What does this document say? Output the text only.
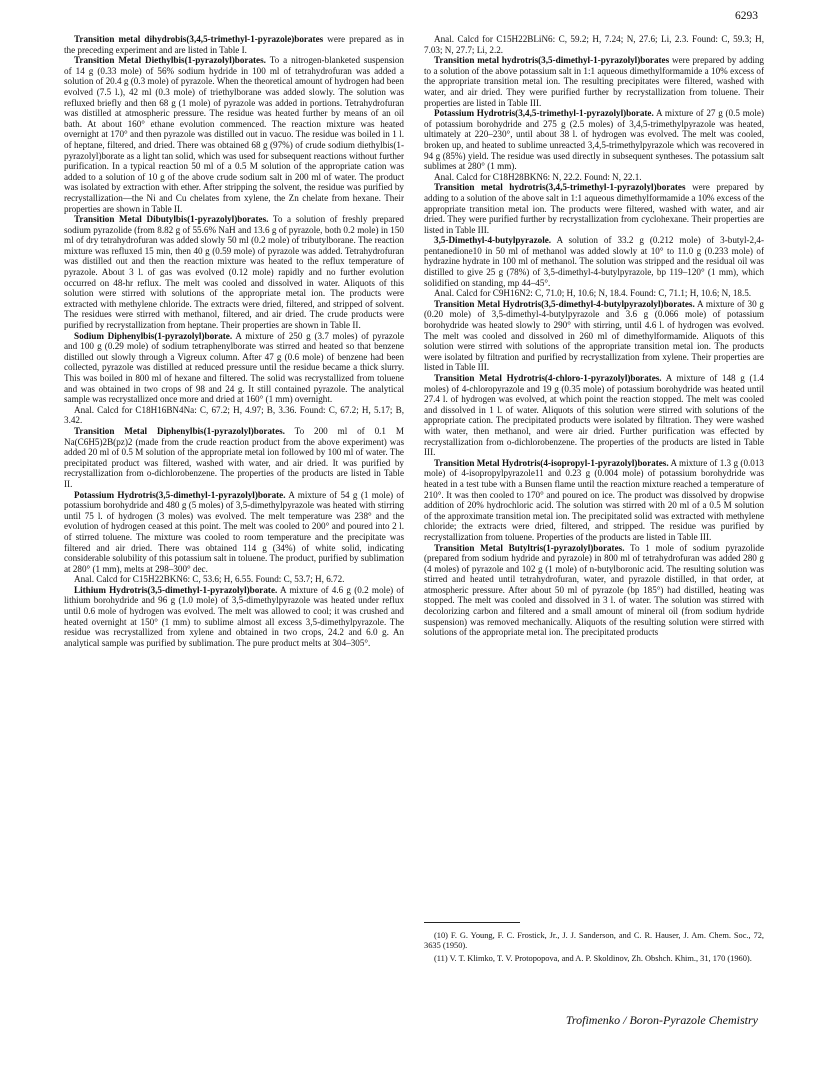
6293

Transition metal dihydrobis(3,4,5-trimethyl-1-pyrazole)borates were prepared as in the preceding experiment and are listed in Table I.

Transition Metal Diethylbis(1-pyrazolyl)borates. To a nitrogen-blanketed suspension of 14 g (0.33 mole) of 56% sodium hydride in 100 ml of tetrahydrofuran was added a solution of 20.4 g (0.3 mole) of pyrazole. When the theoretical amount of hydrogen had been evolved (7.5 l.), 42 ml (0.3 mole) of triethylborane was added slowly. The solution was refluxed briefly and then 68 g (1 mole) of pyrazole was added in portions. Tetrahydrofuran was distilled at atmospheric pressure. The residue was heated further by means of an oil bath. At about 160° ethane evolution commenced. The reaction mixture was heated overnight at 170° and then pyrazole was distilled out in vacuo. The residue was boiled in 1 l. of heptane, filtered, and dried. There was obtained 68 g (97%) of crude sodium diethylbis(1-pyrazolyl)borate as a light tan solid, which was used for subsequent reactions without further purification. In a typical reaction 50 ml of a 0.5 M solution of the appropriate cation was added to a solution of 10 g of the above crude sodium salt in 200 ml of water. The product was isolated by extraction with ether. After stripping the solvent, the residue was purified by recrystallization—the Ni and Cu chelates from xylene, the Zn chelate from hexane. Their properties are shown in Table II.

Transition Metal Dibutylbis(1-pyrazolyl)borates. To a solution of freshly prepared sodium pyrazolide (from 8.82 g of 55.6% NaH and 13.6 g of pyrazole, both 0.2 mole) in 150 ml of dry tetrahydrofuran was added slowly 50 ml (0.2 mole) of tributylborane. The reaction mixture was refluxed 15 min, then 40 g (0.59 mole) of pyrazole was added. Tetrahydrofuran was distilled out and then the reaction mixture was heated to the reflux temperature of pyrazole. About 3 l. of gas was evolved (0.12 mole) rapidly and no further evolution occurred on 48-hr reflux. The melt was cooled and dissolved in water. Aliquots of this solution were stirred with solutions of the appropriate metal ion. The products were extracted with methylene chloride. The extracts were dried, filtered, and stripped of solvent. The residues were stirred with methanol, filtered, and air dried. The crude products were purified by recrystallization from heptane. Their properties are shown in Table II.

Sodium Diphenylbis(1-pyrazolyl)borate. A mixture of 250 g (3.7 moles) of pyrazole and 100 g (0.29 mole) of sodium tetraphenylborate was stirred and heated so that benzene distilled out slowly through a Vigreux column. After 47 g (0.6 mole) of benzene had been collected, pyrazole was distilled at reduced pressure until the residue became a thick slurry. This was boiled in 800 ml of hexane and filtered. The solid was recrystallized from toluene and was obtained in two crops of 98 and 24 g. It still contained pyrazole. The analytical sample was recrystallized once more and dried at 160° (1 mm) overnight.

Anal. Calcd for C18H16BN4Na: C, 67.2; H, 4.97; B, 3.36. Found: C, 67.2; H, 5.17; B, 3.42.

Transition Metal Diphenylbis(1-pyrazolyl)borates. To 200 ml of 0.1 M Na(C6H5)2B(pz)2 (made from the crude reaction product from the above experiment) was added 20 ml of 0.5 M solution of the appropriate metal ion followed by 100 ml of water. The precipitated product was filtered, washed with water, and air dried. It was purified by recrystallization from o-dichlorobenzene. The properties of the products are listed in Table II.

Potassium Hydrotris(3,5-dimethyl-1-pyrazolyl)borate. A mixture of 54 g (1 mole) of potassium borohydride and 480 g (5 moles) of 3,5-dimethylpyrazole was heated with stirring until 75 l. of hydrogen (3 moles) was evolved. The melt temperature was 238° and the evolution of hydrogen ceased at this point. The melt was cooled to 200° and poured into 2 l. of stirred toluene. The mixture was cooled to room temperature and the precipitate was filtered and air dried. There was obtained 114 g (34%) of white solid, indicating considerable solubility of this potassium salt in toluene. The product, purified by sublimation at 280° (1 mm), melts at 298–300° dec.

Anal. Calcd for C15H22BKN6: C, 53.6; H, 6.55. Found: C, 53.7; H, 6.72.

Lithium Hydrotris(3,5-dimethyl-1-pyrazolyl)borate. A mixture of 4.6 g (0.2 mole) of lithium borohydride and 96 g (1.0 mole) of 3,5-dimethylpyrazole was heated under reflux until 0.6 mole of hydrogen was evolved. The melt was allowed to cool; it was crushed and heated overnight at 150° (1 mm) to sublime almost all excess 3,5-dimethylpyrazole. The residue was recrystallized from xylene and obtained in two crops, 24.2 and 6.0 g. An analytical sample was purified by sublimation. The pure product melts at 304–305°.

Anal. Calcd for C15H22BLiN6: C, 59.2; H, 7.24; N, 27.6; Li, 2.3. Found: C, 59.3; H, 7.03; N, 27.7; Li, 2.2.

Transition metal hydrotris(3,5-dimethyl-1-pyrazolyl)borates were prepared by adding to a solution of the above potassium salt in 1:1 aqueous dimethylformamide a 10% excess of the appropriate transition metal ion. The resulting precipitates were filtered, washed with water, and air dried. They were purified further by recrystallization from toluene. Their properties are listed in Table III.

Potassium Hydrotris(3,4,5-trimethyl-1-pyrazolyl)borate. A mixture of 27 g (0.5 mole) of potassium borohydride and 275 g (2.5 moles) of 3,4,5-trimethylpyrazole was heated, ultimately at 220–230°, until about 38 l. of hydrogen was evolved. The melt was cooled, broken up, and heated to sublime unreacted 3,4,5-trimethylpyrazole which was recovered in 94 g (85%) yield. The residue was used directly in subsequent syntheses. The potassium salt sublimes at 280° (1 mm).

Anal. Calcd for C18H28BKN6: N, 22.2. Found: N, 22.1.

Transition metal hydrotris(3,4,5-trimethyl-1-pyrazolyl)borates were prepared by adding to a solution of the above salt in 1:1 aqueous dimethylformamide a 10% excess of the appropriate transition metal ion. The products were filtered, washed with water, and air dried. They were purified further by recrystallization from cyclohexane. Their properties are listed in Table III.

3,5-Dimethyl-4-butylpyrazole. A solution of 33.2 g (0.212 mole) of 3-butyl-2,4-pentanedione10 in 50 ml of methanol was added slowly at 10° to 11.0 g (0.233 mole) of hydrazine hydrate in 100 ml of methanol. The solution was stripped and the residual oil was distilled to give 25 g (78%) of 3,5-dimethyl-4-butylpyrazole, bp 119–120° (1 mm), which solidified on standing, mp 44–45°.

Anal. Calcd for C9H16N2: C, 71.0; H, 10.6; N, 18.4. Found: C, 71.1; H, 10.6; N, 18.5.

Transition Metal Hydrotris(3,5-dimethyl-4-butylpyrazolyl)borates. A mixture of 30 g (0.20 mole) of 3,5-dimethyl-4-butylpyrazole and 3.6 g (0.066 mole) of potassium borohydride was heated slowly to 290° with stirring, until 4.6 l. of hydrogen was evolved. The melt was cooled and dissolved in 260 ml of dimethylformamide. Aliquots of this solution were stirred with solutions of the appropriate transition metal ion. The products were isolated by filtration and purified by recrystallization from xylene. Their properties are listed in Table III.

Transition Metal Hydrotris(4-chloro-1-pyrazolyl)borates. A mixture of 148 g (1.4 moles) of 4-chloropyrazole and 19 g (0.35 mole) of potassium borohydride was heated until 27.4 l. of hydrogen was evolved, at which point the reaction stopped. The melt was cooled and dissolved in 1 l. of water. Aliquots of this solution were stirred with solutions of the appropriate cation. The precipitated products were isolated by filtration. They were washed with water, then methanol, and were air dried. Further purification was effected by recrystallization from o-dichlorobenzene. The properties of the products are listed in Table III.

Transition Metal Hydrotris(4-isopropyl-1-pyrazolyl)borates. A mixture of 1.3 g (0.013 mole) of 4-isopropylpyrazole11 and 0.23 g (0.004 mole) of potassium borohydride was heated in a test tube with a Bunsen flame until the reaction mixture reached a temperature of 210°. It was then cooled to 170° and poured on ice. The product was dissolved by dropwise addition of 20% hydrochloric acid. The solution was stirred with 20 ml of a 0.5 M solution of the approximate transition metal ion. The precipitated solid was extracted with methylene chloride; the extracts were dried, filtered, and stripped. The residue was purified by recrystallization from toluene. Properties of the products are listed in Table III.

Transition Metal Butyltris(1-pyrazolyl)borates. To 1 mole of sodium pyrazolide (prepared from sodium hydride and pyrazole) in 800 ml of tetrahydrofuran was added 280 g (4 moles) of pyrazole and 102 g (1 mole) of n-butylboronic acid. The resulting solution was stirred and heated until tetrahydrofuran, water, and pyrazole distilled, in that order, at atmospheric pressure. After about 50 ml of pyrazole (bp 185°) had distilled, heating was stopped. The melt was cooled and dissolved in 3 l. of water. The solution was stirred with decolorizing carbon and filtered and a small amount of mineral oil (from sodium hydride suspension) was removed mechanically. Aliquots of the resulting solution were stirred with solutions of the appropriate metal ion. The precipitated products

(10) F. G. Young, F. C. Frostick, Jr., J. J. Sanderson, and C. R. Hauser, J. Am. Chem. Soc., 72, 3635 (1950).

(11) V. T. Klimko, T. V. Protopopova, and A. P. Skoldinov, Zh. Obshch. Khim., 31, 170 (1960).

Trofimenko / Boron-Pyrazole Chemistry
